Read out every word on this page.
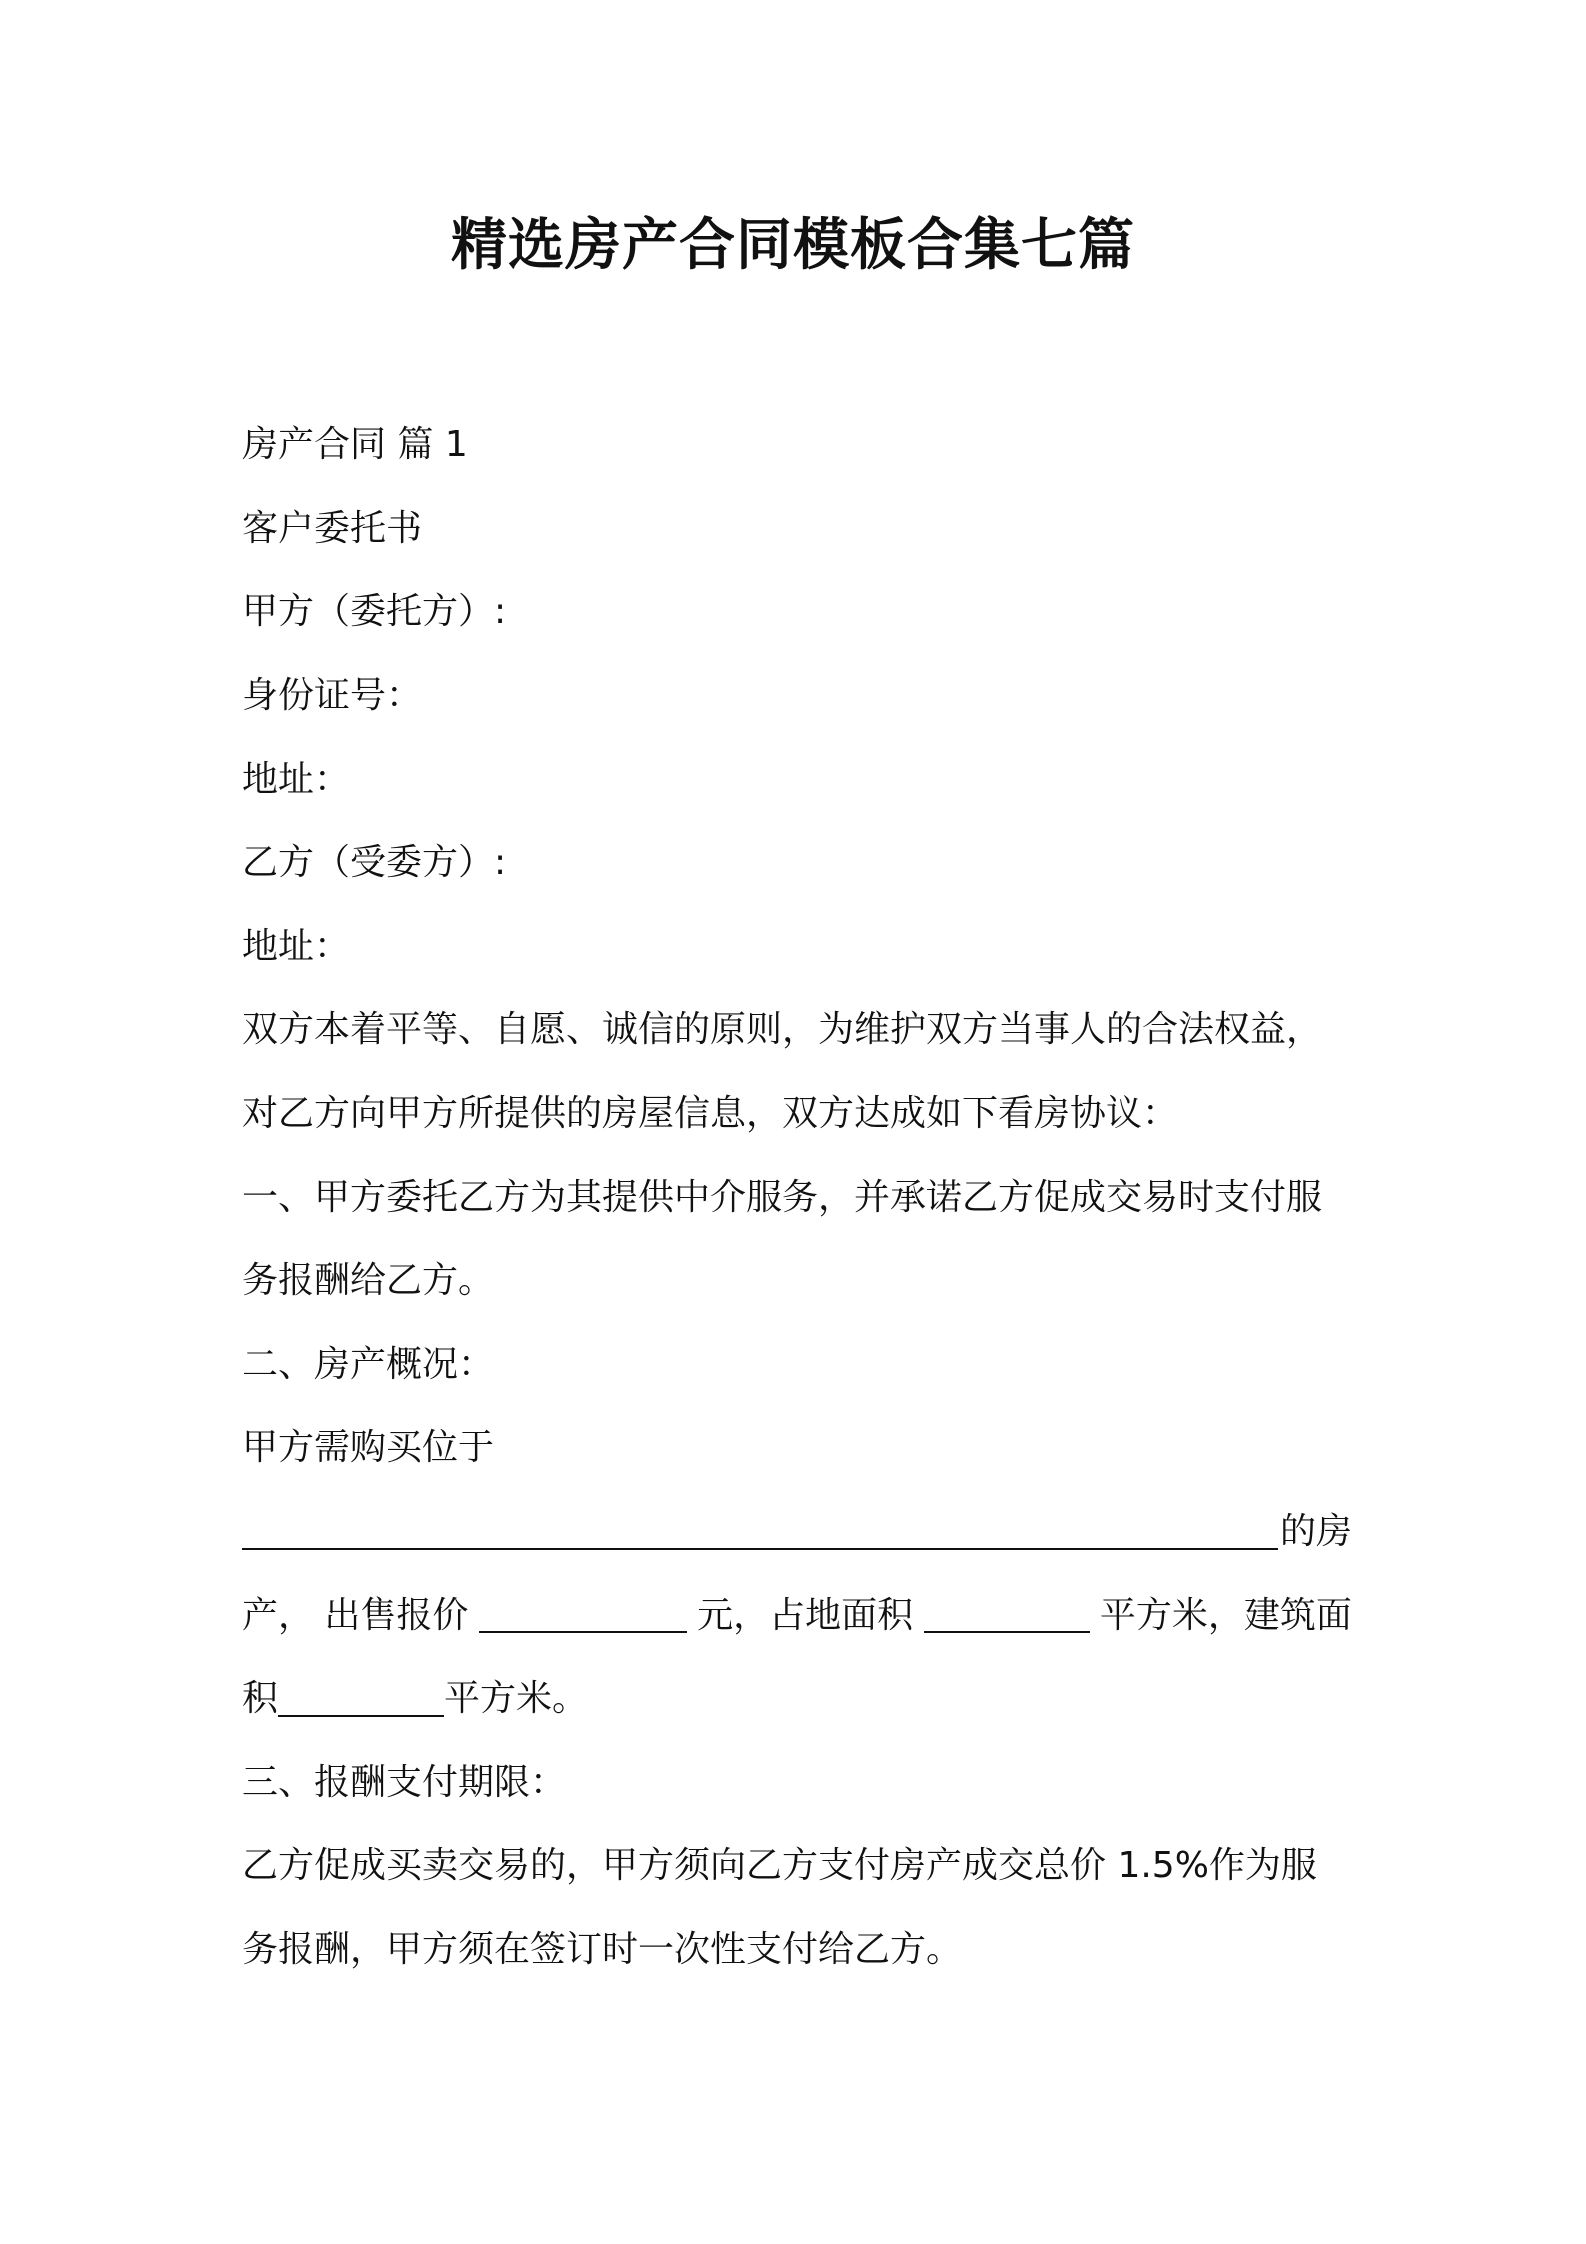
精选房产合同模板合集七篇
房产合同 篇 1
客户委托书
甲方（委托方）:
身份证号：
地址：
乙方（受委方）:
地址：
双方本着平等、自愿、诚信的原则，为维护双方当事人的合法权益，
对乙方向甲方所提供的房屋信息，双方达成如下看房协议：
一、甲方委托乙方为其提供中介服务，并承诺乙方促成交易时支付服
务报酬给乙方。
二、房产概况：
甲方需购买位于
的房
产， 出售报价	元，占地面积	平方米，建筑面
积	平方米。
三、报酬支付期限：
乙方促成买卖交易的，甲方须向乙方支付房产成交总价 1.5%作为服
务报酬，甲方须在签订时一次性支付给乙方。
